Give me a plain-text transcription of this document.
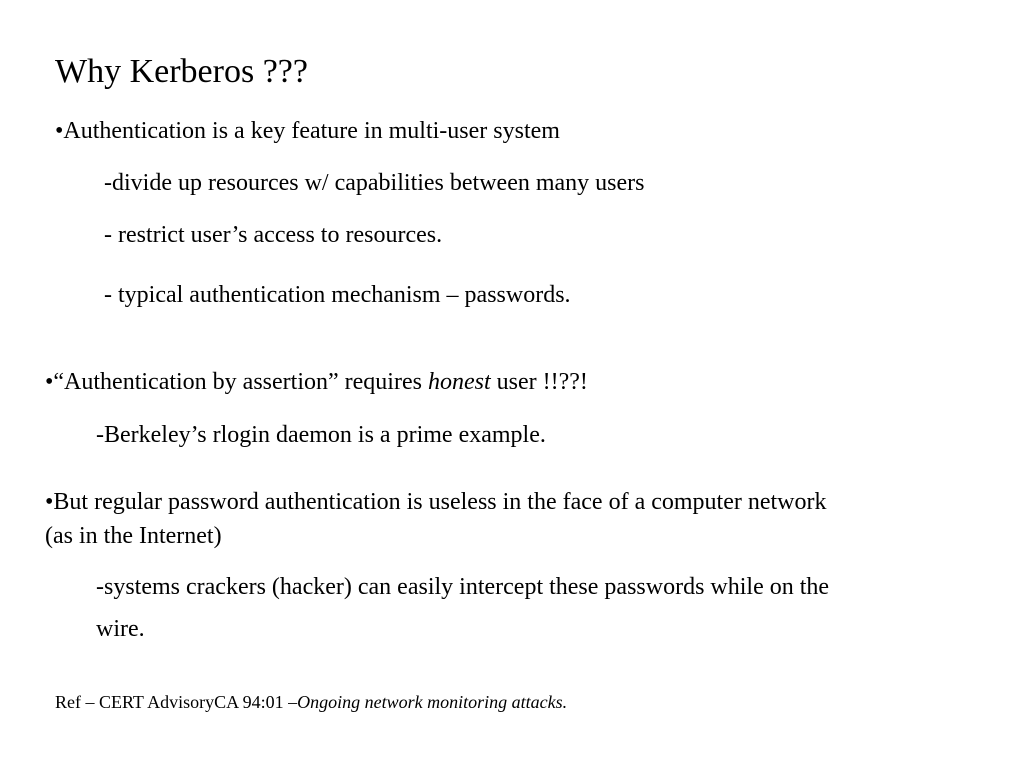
Why Kerberos ???
•Authentication is a key feature in multi-user system
-divide up resources w/ capabilities between many users
- restrict user’s access to resources.
- typical authentication mechanism – passwords.
•“Authentication by assertion” requires honest user !!??!
-Berkeley’s rlogin daemon is a prime example.
•But regular password authentication is useless in the face of a computer network
(as in the Internet)
-systems crackers (hacker) can easily intercept these passwords while on the
wire.
Ref – CERT AdvisoryCA 94:01 –Ongoing network monitoring attacks.
